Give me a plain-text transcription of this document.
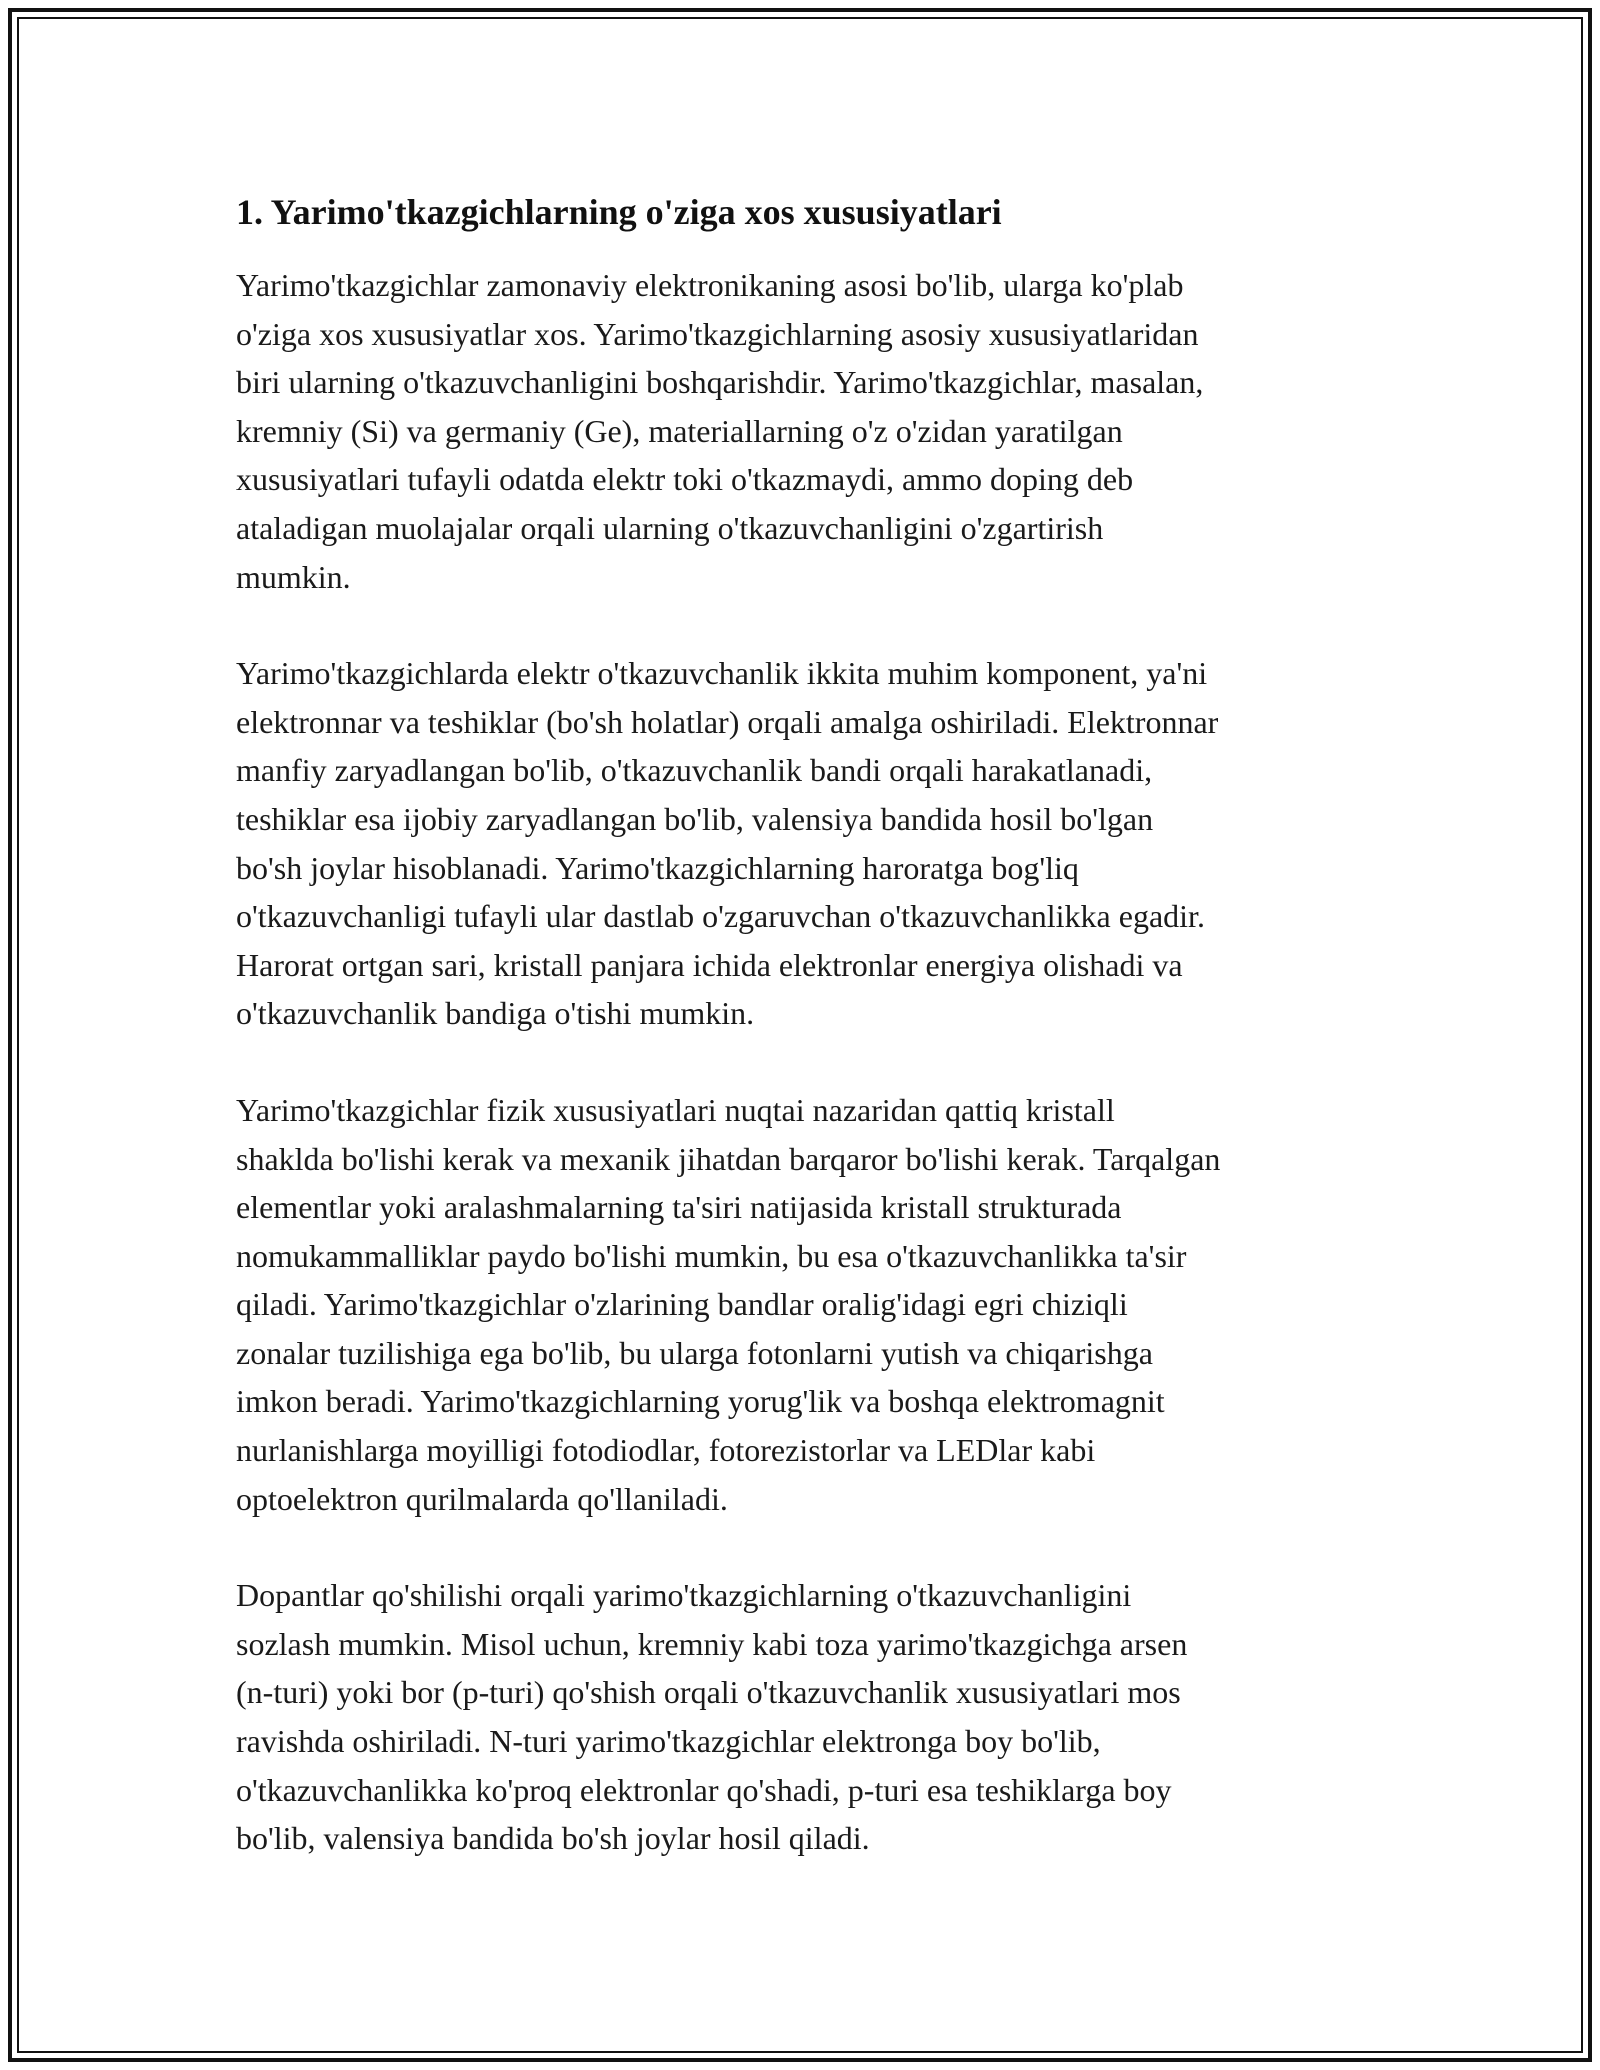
1. Yarimo'tkazgichlarning o'ziga xos xususiyatlari

Yarimo'tkazgichlar zamonaviy elektronikaning asosi bo'lib, ularga ko'plab
o'ziga xos xususiyatlar xos. Yarimo'tkazgichlarning asosiy xususiyatlaridan
biri ularning o'tkazuvchanligini boshqarishdir. Yarimo'tkazgichlar, masalan,
kremniy (Si) va germaniy (Ge), materiallarning o'z o'zidan yaratilgan
xususiyatlari tufayli odatda elektr toki o'tkazmaydi, ammo doping deb
ataladigan muolajalar orqali ularning o'tkazuvchanligini o'zgartirish
mumkin.

Yarimo'tkazgichlarda elektr o'tkazuvchanlik ikkita muhim komponent, ya'ni
elektronnar va teshiklar (bo'sh holatlar) orqali amalga oshiriladi. Elektronnar
manfiy zaryadlangan bo'lib, o'tkazuvchanlik bandi orqali harakatlanadi,
teshiklar esa ijobiy zaryadlangan bo'lib, valensiya bandida hosil bo'lgan
bo'sh joylar hisoblanadi. Yarimo'tkazgichlarning haroratga bog'liq
o'tkazuvchanligi tufayli ular dastlab o'zgaruvchan o'tkazuvchanlikka egadir.
Harorat ortgan sari, kristall panjara ichida elektronlar energiya olishadi va
o'tkazuvchanlik bandiga o'tishi mumkin.

Yarimo'tkazgichlar fizik xususiyatlari nuqtai nazaridan qattiq kristall
shaklda bo'lishi kerak va mexanik jihatdan barqaror bo'lishi kerak. Tarqalgan
elementlar yoki aralashmalarning ta'siri natijasida kristall strukturada
nomukammalliklar paydo bo'lishi mumkin, bu esa o'tkazuvchanlikka ta'sir
qiladi. Yarimo'tkazgichlar o'zlarining bandlar oralig'idagi egri chiziqli
zonalar tuzilishiga ega bo'lib, bu ularga fotonlarni yutish va chiqarishga
imkon beradi. Yarimo'tkazgichlarning yorug'lik va boshqa elektromagnit
nurlanishlarga moyilligi fotodiodlar, fotorezistorlar va LEDlar kabi
optoelektron qurilmalarda qo'llaniladi.

Dopantlar qo'shilishi orqali yarimo'tkazgichlarning o'tkazuvchanligini
sozlash mumkin. Misol uchun, kremniy kabi toza yarimo'tkazgichga arsen
(n-turi) yoki bor (p-turi) qo'shish orqali o'tkazuvchanlik xususiyatlari mos
ravishda oshiriladi. N-turi yarimo'tkazgichlar elektronga boy bo'lib,
o'tkazuvchanlikka ko'proq elektronlar qo'shadi, p-turi esa teshiklarga boy
bo'lib, valensiya bandida bo'sh joylar hosil qiladi.
